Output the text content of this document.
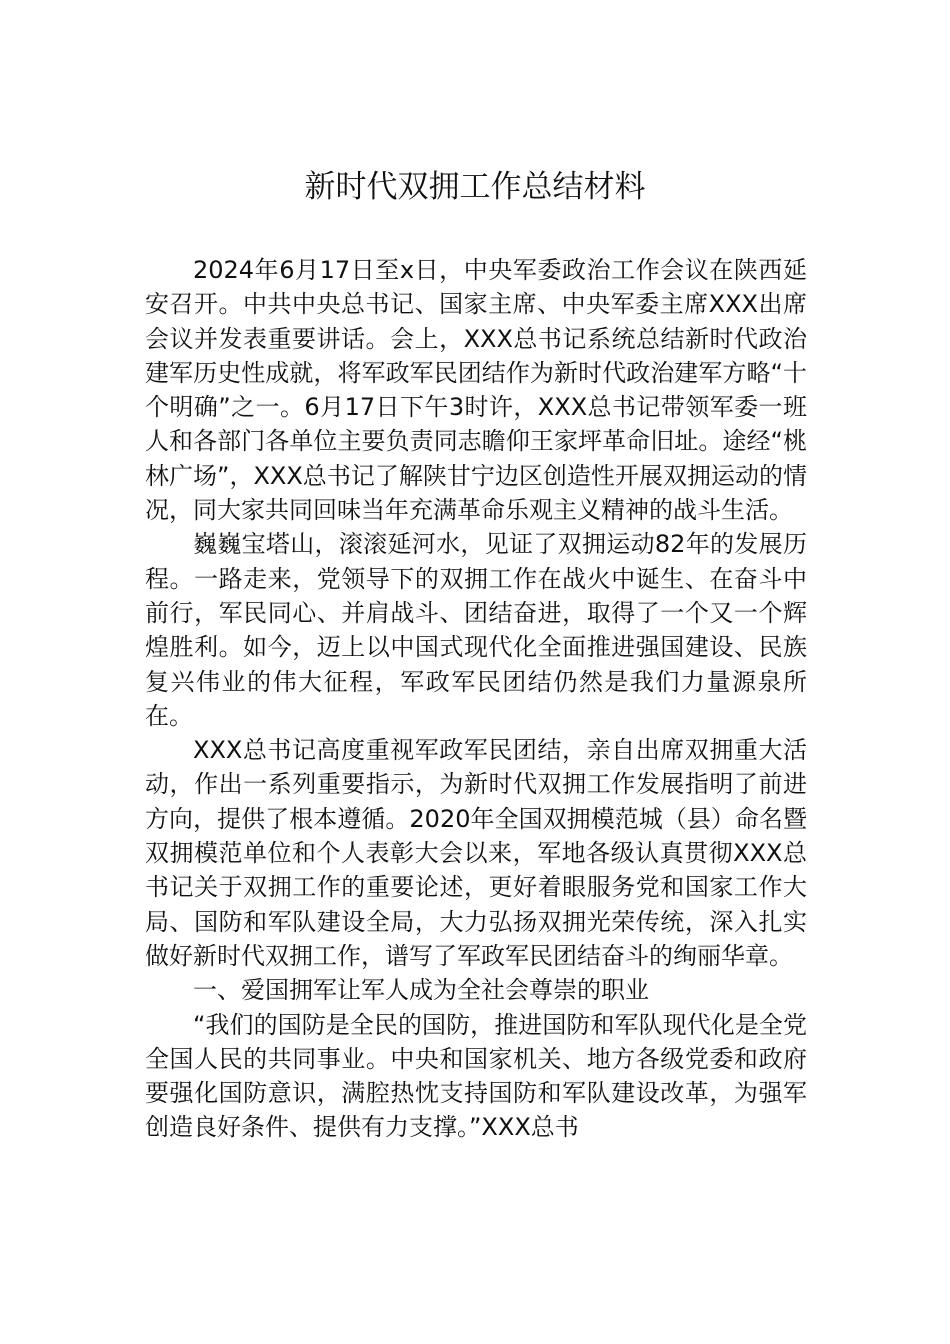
新时代双拥工作总结材料

2024年6月17日至x日，中央军委政治工作会议在陕西延安召开。中共中央总书记、国家主席、中央军委主席XXX出席会议并发表重要讲话。会上，XXX总书记系统总结新时代政治建军历史性成就，将军政军民团结作为新时代政治建军方略“十个明确”之一。6月17日下午3时许，XXX总书记带领军委一班人和各部门各单位主要负责同志瞻仰王家坪革命旧址。途经“桃林广场”，XXX总书记了解陕甘宁边区创造性开展双拥运动的情况，同大家共同回味当年充满革命乐观主义精神的战斗生活。

巍巍宝塔山，滚滚延河水，见证了双拥运动82年的发展历程。一路走来，党领导下的双拥工作在战火中诞生、在奋斗中前行，军民同心、并肩战斗、团结奋进，取得了一个又一个辉煌胜利。如今，迈上以中国式现代化全面推进强国建设、民族复兴伟业的伟大征程，军政军民团结仍然是我们力量源泉所在。

XXX总书记高度重视军政军民团结，亲自出席双拥重大活动，作出一系列重要指示，为新时代双拥工作发展指明了前进方向，提供了根本遵循。2020年全国双拥模范城（县）命名暨双拥模范单位和个人表彰大会以来，军地各级认真贯彻XXX总书记关于双拥工作的重要论述，更好着眼服务党和国家工作大局、国防和军队建设全局，大力弘扬双拥光荣传统，深入扎实做好新时代双拥工作，谱写了军政军民团结奋斗的绚丽华章。

一、爱国拥军让军人成为全社会尊崇的职业

“我们的国防是全民的国防，推进国防和军队现代化是全党全国人民的共同事业。中央和国家机关、地方各级党委和政府要强化国防意识，满腔热忱支持国防和军队建设改革，为强军创造良好条件、提供有力支撑。”XXX总书
